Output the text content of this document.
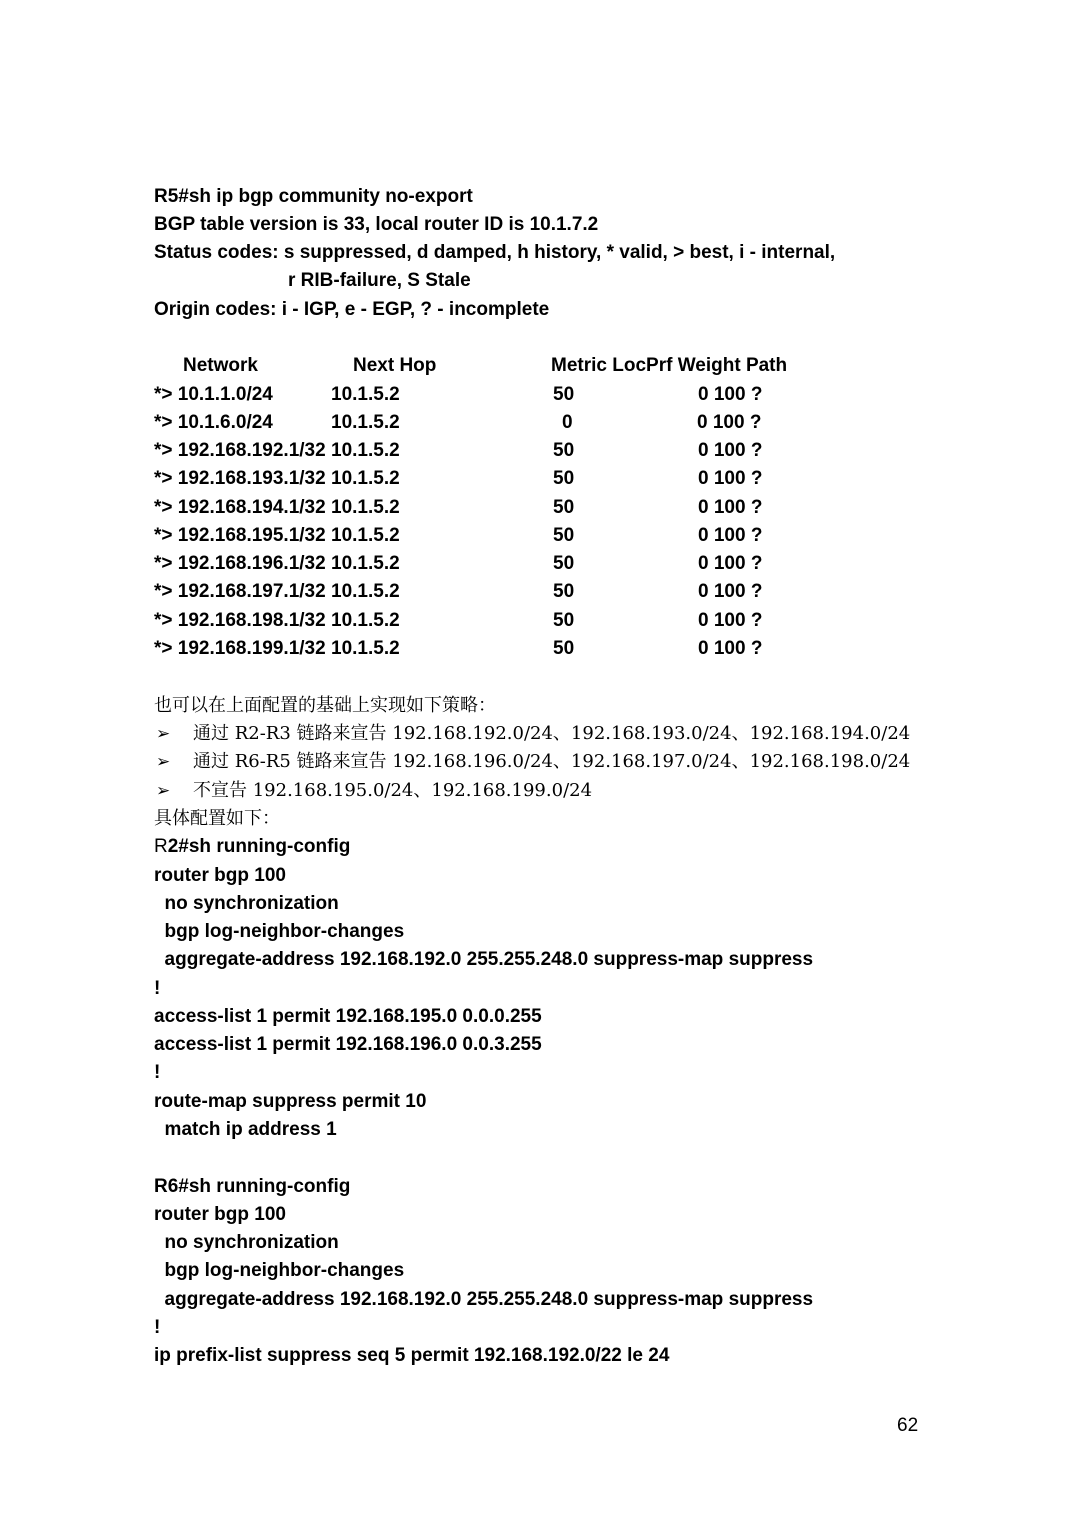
R5#sh ip bgp community no-export
BGP table version is 33, local router ID is 10.1.7.2
Status codes: s suppressed, d damped, h history, * valid, > best, i - internal,
r RIB-failure, S Stale
Origin codes: i - IGP, e - EGP, ? - incomplete
Network	Next Hop	Metric LocPrf Weight Path
*> 10.1.1.0/24	10.1.5.2	50	0 100 ?
*> 10.1.6.0/24	10.1.5.2	0	0 100 ?
*> 192.168.192.1/32 10.1.5.2	50	0 100 ?
*> 192.168.193.1/32 10.1.5.2	50	0 100 ?
*> 192.168.194.1/32 10.1.5.2	50	0 100 ?
*> 192.168.195.1/32 10.1.5.2	50	0 100 ?
*> 192.168.196.1/32 10.1.5.2	50	0 100 ?
*> 192.168.197.1/32 10.1.5.2	50	0 100 ?
*> 192.168.198.1/32 10.1.5.2	50	0 100 ?
*> 192.168.199.1/32 10.1.5.2	50	0 100 ?
也可以在上面配置的基础上实现如下策略：
➢ 通过 R2-R3 链路来宣告 192.168.192.0/24、192.168.193.0/24、192.168.194.0/24
➢ 通过 R6-R5 链路来宣告 192.168.196.0/24、192.168.197.0/24、192.168.198.0/24
➢ 不宣告 192.168.195.0/24、192.168.199.0/24
具体配置如下：
R2#sh running-config
router bgp 100
no synchronization
bgp log-neighbor-changes
aggregate-address 192.168.192.0 255.255.248.0 suppress-map suppress
!
access-list 1 permit 192.168.195.0 0.0.0.255
access-list 1 permit 192.168.196.0 0.0.3.255
!
route-map suppress permit 10
match ip address 1
R6#sh running-config
router bgp 100
no synchronization
bgp log-neighbor-changes
aggregate-address 192.168.192.0 255.255.248.0 suppress-map suppress
!
ip prefix-list suppress seq 5 permit 192.168.192.0/22 le 24
62
